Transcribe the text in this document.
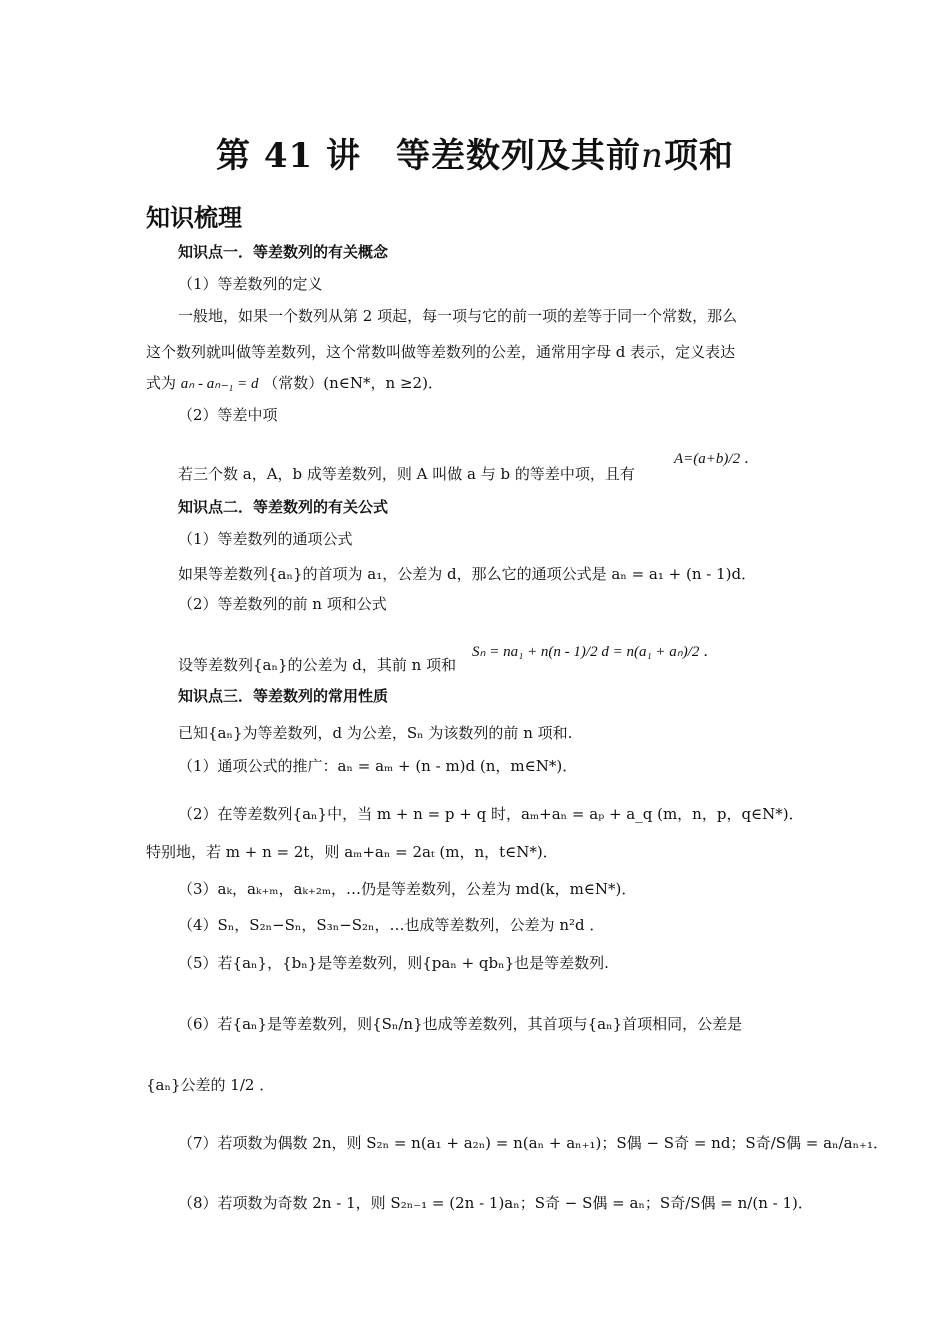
第 41 讲　等差数列及其前n项和
知识梳理
知识点一．等差数列的有关概念
（1）等差数列的定义
一般地，如果一个数列从第 2 项起，每一项与它的前一项的差等于同一个常数，那么
这个数列就叫做等差数列，这个常数叫做等差数列的公差，通常用字母 d 表示，定义表达
式为 aₙ - aₙ₋₁ = d （常数）(n∈N*，n ≥2)．
（2）等差中项
若三个数 a，A，b 成等差数列，则 A 叫做 a 与 b 的等差中项，且有
A=(a+b)/2 ．
知识点二．等差数列的有关公式
（1）等差数列的通项公式
如果等差数列{aₙ}的首项为 a₁，公差为 d，那么它的通项公式是 aₙ = a₁ + (n - 1)d．
（2）等差数列的前 n 项和公式
设等差数列{aₙ}的公差为 d，其前 n 项和
Sₙ = na₁ + n(n - 1)/2 d = n(a₁ + aₙ)/2 ．
知识点三．等差数列的常用性质
已知{aₙ}为等差数列，d 为公差，Sₙ 为该数列的前 n 项和.
（1）通项公式的推广：aₙ = aₘ + (n - m)d (n，m∈N*)．
（2）在等差数列{aₙ}中，当 m + n = p + q 时，aₘ+aₙ = aₚ + a_q (m，n，p，q∈N*)．
特别地，若 m + n = 2t，则 aₘ+aₙ = 2aₜ (m，n，t∈N*)．
（3）aₖ，aₖ₊ₘ，aₖ₊₂ₘ，…仍是等差数列，公差为 md(k，m∈N*)．
（4）Sₙ，S₂ₙ−Sₙ，S₃ₙ−S₂ₙ，…也成等差数列，公差为 n²d ．
（5）若{aₙ}，{bₙ}是等差数列，则{paₙ + qbₙ}也是等差数列.
（6）若{aₙ}是等差数列，则{Sₙ/n}也成等差数列，其首项与{aₙ}首项相同，公差是
{aₙ}公差的 1/2 ．
（7）若项数为偶数 2n，则 S₂ₙ = n(a₁ + a₂ₙ) = n(aₙ + aₙ₊₁)；S偶 − S奇 = nd；S奇/S偶 = aₙ/aₙ₊₁．
（8）若项数为奇数 2n - 1，则 S₂ₙ₋₁ = (2n - 1)aₙ；S奇 − S偶 = aₙ；S奇/S偶 = n/(n - 1)．
